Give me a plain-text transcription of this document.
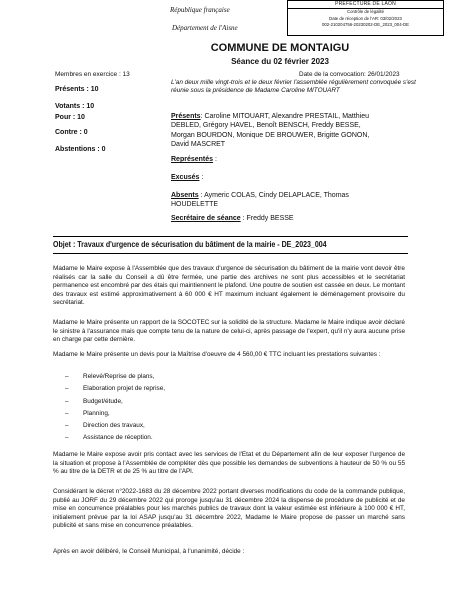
République française
Département de l'Aisne
PREFECTURE DE LAON
Contrôle de légalité
Date de réception de l'AR: 03/02/2023
002-210204756-20230202-DE_2023_004-DE
COMMUNE DE MONTAIGU
Séance du 02 février 2023
Membres en exercice : 13
Présents : 10
Votants : 10
Pour : 10
Contre : 0
Abstentions : 0
Date de la convocation: 26/01/2023
L'an deux mille vingt-trois et le deux février l'assemblée régulièrement convoquée s'est réunie sous la présidence de Madame Caroline MITOUART
Présents: Caroline MITOUART, Alexandre PRESTAIL, Matthieu
DEBLED, Grégory HAVEL, Benoît BENSCH, Freddy BESSE,
Morgan BOURDON, Monique DE BROUWER, Brigitte GONON,
David MASCRET
Représentés :
Excusés :
Absents : Aymeric COLAS, Cindy DELAPLACE, Thomas
HOUDELETTE
Secrétaire de séance : Freddy BESSE
Objet : Travaux d'urgence de sécurisation du bâtiment de la mairie - DE_2023_004

Madame le Maire expose à l'Assemblée que des travaux d'urgence de sécurisation du bâtiment de la mairie vont devoir être réalisés car la salle du Conseil a dû être fermée, une partie des archives ne sont plus accessibles et le secrétariat permanence est encombré par des étais qui maintiennent le plafond. Une poutre de soutien est cassée en deux. Le montant des travaux est estimé approximativement à 60 000 € HT maximum incluant également le déménagement provisoire du secrétariat.

Madame le Maire présente un rapport de la SOCOTEC sur la solidité de la structure. Madame le Maire indique avoir déclaré le sinistre à l'assurance mais que compte tenu de la nature de celui-ci, après passage de l'expert, qu'il n'y aura aucune prise en charge par cette dernière.

Madame le Maire présente un devis pour la Maîtrise d'oeuvre de 4 560,00 € TTC incluant les prestations suivantes :

– Relevé/Reprise de plans,
– Elaboration projet de reprise,
– Budget/étude,
– Planning,
– Direction des travaux,
– Assistance de réception.

Madame le Maire expose avoir pris contact avec les services de l'Etat et du Département afin de leur exposer l'urgence de la situation et propose à l'Assemblée de compléter dès que possible les demandes de subventions à hauteur de 50 % ou 55 % au titre de la DETR et de 25 % au titre de l'APl.

Considérant le décret n°2022-1683 du 28 décembre 2022 portant diverses modifications du code de la commande publique, publié au JORF du 29 décembre 2022 qui proroge jusqu'au 31 décembre 2024 la dispense de procédure de publicité et de mise en concurrence préalables pour les marchés publics de travaux dont la valeur estimée est inférieure à 100 000 € HT, initialement prévue par la loi ASAP jusqu'au 31 décembre 2022, Madame le Maire propose de passer un marché sans publicité et sans mise en concurrence préalables.

Après en avoir délibéré, le Conseil Municipal, à l'unanimité, décide :
